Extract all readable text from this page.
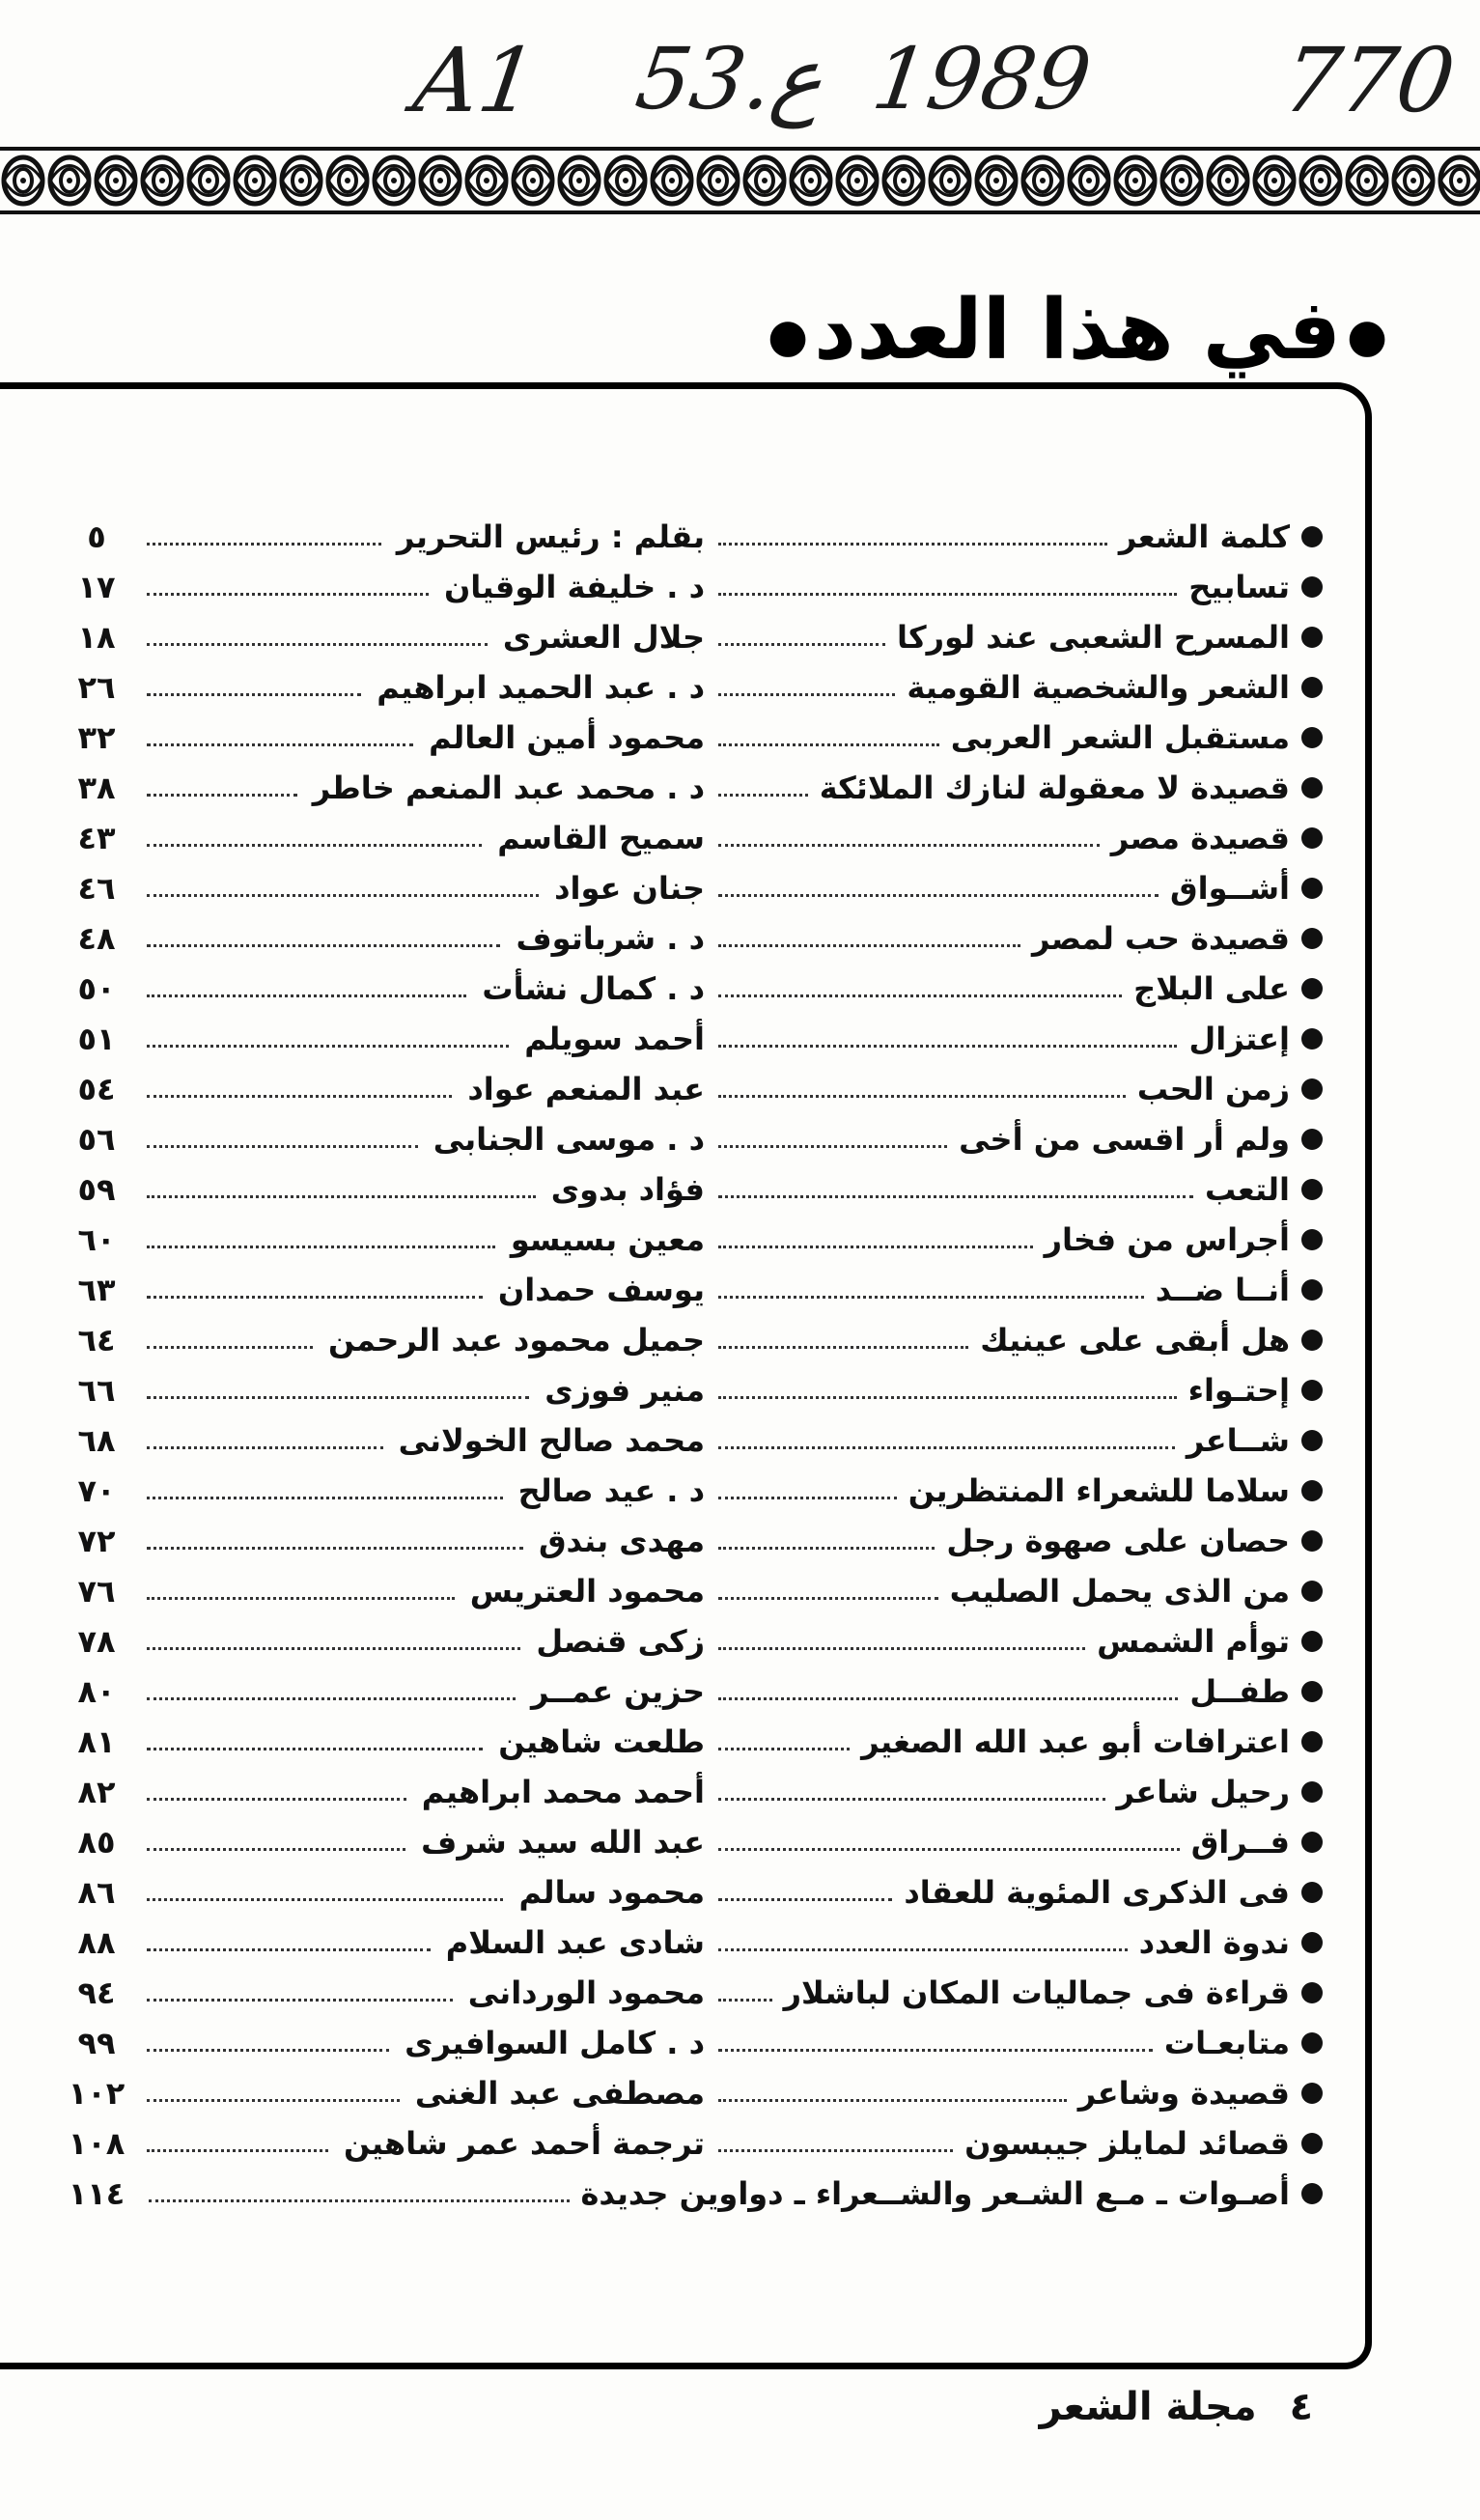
A1 53.ع 1989 770
●في هذا العدد●
كلمة الشعر
بقلم : رئيس التحرير
٥
تسابيح
د . خليفة الوقيان
١٧
المسرح الشعبى عند لوركا
جلال العشرى
١٨
الشعر والشخصية القومية
د . عبد الحميد ابراهيم
٢٦
مستقبل الشعر العربى
محمود أمين العالم
٣٢
قصيدة لا معقولة لنازك الملائكة
د . محمد عبد المنعم خاطر
٣٨
قصيدة مصر
سميح القاسم
٤٣
أشــواق
جنان عواد
٤٦
قصيدة حب لمصر
د . شرباتوف
٤٨
على البلاج
د . كمال نشأت
٥٠
إعتزال
أحمد سويلم
٥١
زمن الحب
عبد المنعم عواد
٥٤
ولم أر اقسى من أخى
د . موسى الجنابى
٥٦
التعب
فؤاد بدوى
٥٩
أجراس من فخار
معين بسيسو
٦٠
أنــا ضــد
يوسف حمدان
٦٣
هل أبقى على عينيك
جميل محمود عبد الرحمن
٦٤
إحتـواء
منير فوزى
٦٦
شــاعر
محمد صالح الخولانى
٦٨
سلاما للشعراء المنتظرين
د . عيد صالح
٧٠
حصان على صهوة رجل
مهدى بندق
٧٢
من الذى يحمل الصليب
محمود العتريس
٧٦
توأم الشمس
زكى قنصل
٧٨
طفــل
حزين عمــر
٨٠
اعترافات أبو عبد الله الصغير
طلعت شاهين
٨١
رحيل شاعر
أحمد محمد ابراهيم
٨٢
فــراق
عبد الله سيد شرف
٨٥
فى الذكرى المئوية للعقاد
محمود سالم
٨٦
ندوة العدد
شادى عبد السلام
٨٨
قراءة فى جماليات المكان لباشلار
محمود الوردانى
٩٤
متابعـات
د . كامل السوافيرى
٩٩
قصيدة وشاعر
مصطفى عبد الغنى
١٠٢
قصائد لمايلز جيبسون
ترجمة أحمد عمر شاهين
١٠٨
أصـوات ـ مـع الشـعر والشــعراء ـ دواوين جديدة
١١٤
٤ مجلة الشعر
